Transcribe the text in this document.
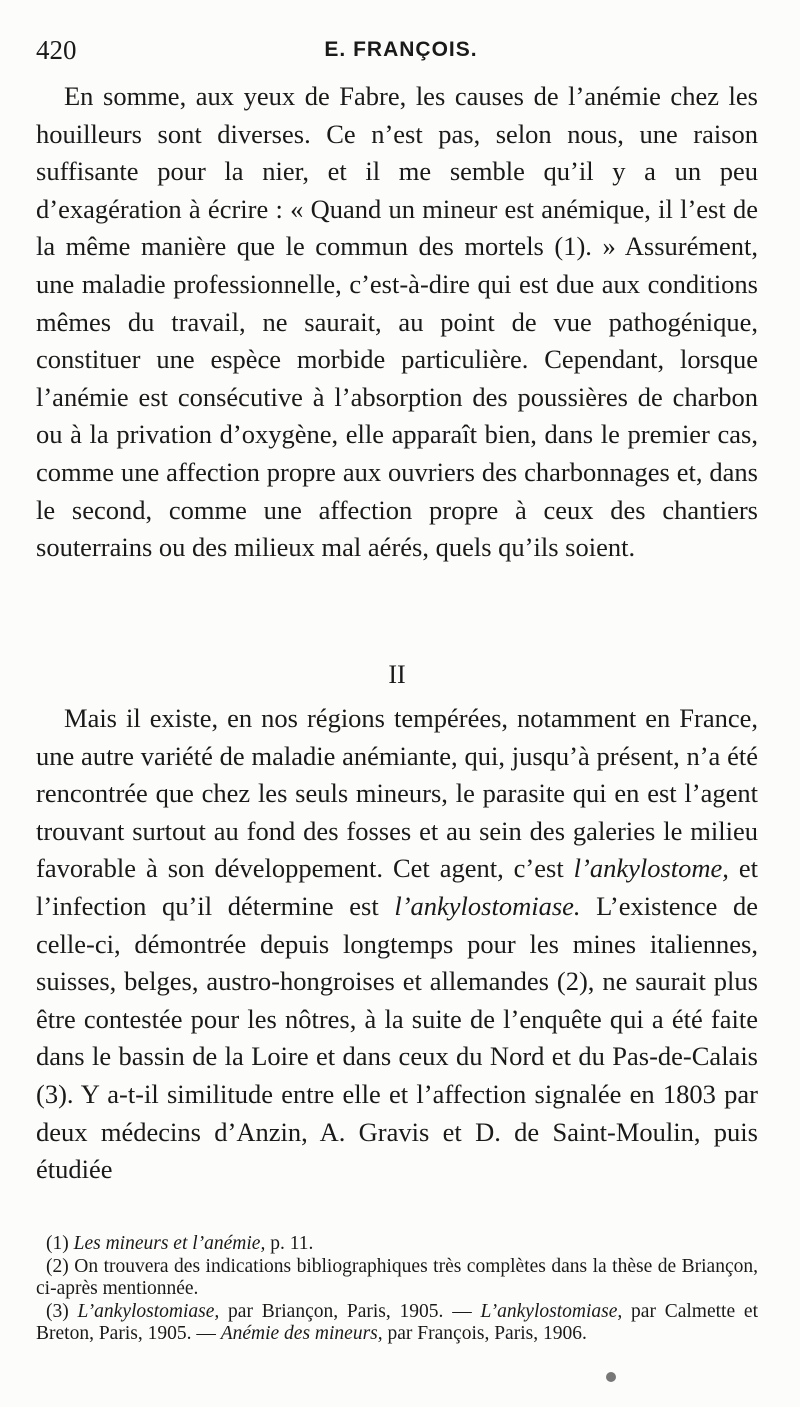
420	E. FRANÇOIS.

En somme, aux yeux de Fabre, les causes de l’anémie chez les houilleurs sont diverses. Ce n’est pas, selon nous, une raison suffisante pour la nier, et il me semble qu’il y a un peu d’exagération à écrire : « Quand un mineur est anémique, il l’est de la même manière que le commun des mortels (1). » Assurément, une maladie professionnelle, c’est-à-dire qui est due aux conditions mêmes du travail, ne saurait, au point de vue pathogénique, constituer une espèce morbide particulière. Cependant, lorsque l’anémie est consécutive à l’absorption des poussières de charbon ou à la privation d’oxygène, elle apparaît bien, dans le premier cas, comme une affection propre aux ouvriers des charbonnages et, dans le second, comme une affection propre à ceux des chantiers souterrains ou des milieux mal aérés, quels qu’ils soient.

II

Mais il existe, en nos régions tempérées, notamment en France, une autre variété de maladie anémiante, qui, jusqu’à présent, n’a été rencontrée que chez les seuls mineurs, le parasite qui en est l’agent trouvant surtout au fond des fosses et au sein des galeries le milieu favorable à son développement. Cet agent, c’est l’ankylostome, et l’infection qu’il détermine est l’ankylostomiase. L’existence de celle-ci, démontrée depuis longtemps pour les mines italiennes, suisses, belges, austro-hongroises et allemandes (2), ne saurait plus être contestée pour les nôtres, à la suite de l’enquête qui a été faite dans le bassin de la Loire et dans ceux du Nord et du Pas-de-Calais (3). Y a-t-il similitude entre elle et l’affection signalée en 1803 par deux médecins d’Anzin, A. Gravis et D. de Saint-Moulin, puis étudiée

(1) Les mineurs et l’anémie, p. 11.

(2) On trouvera des indications bibliographiques très complètes dans la thèse de Briançon, ci-après mentionnée.

(3) L’ankylostomiase, par Briançon, Paris, 1905. — L’ankylostomiase, par Calmette et Breton, Paris, 1905. — Anémie des mineurs, par François, Paris, 1906.
